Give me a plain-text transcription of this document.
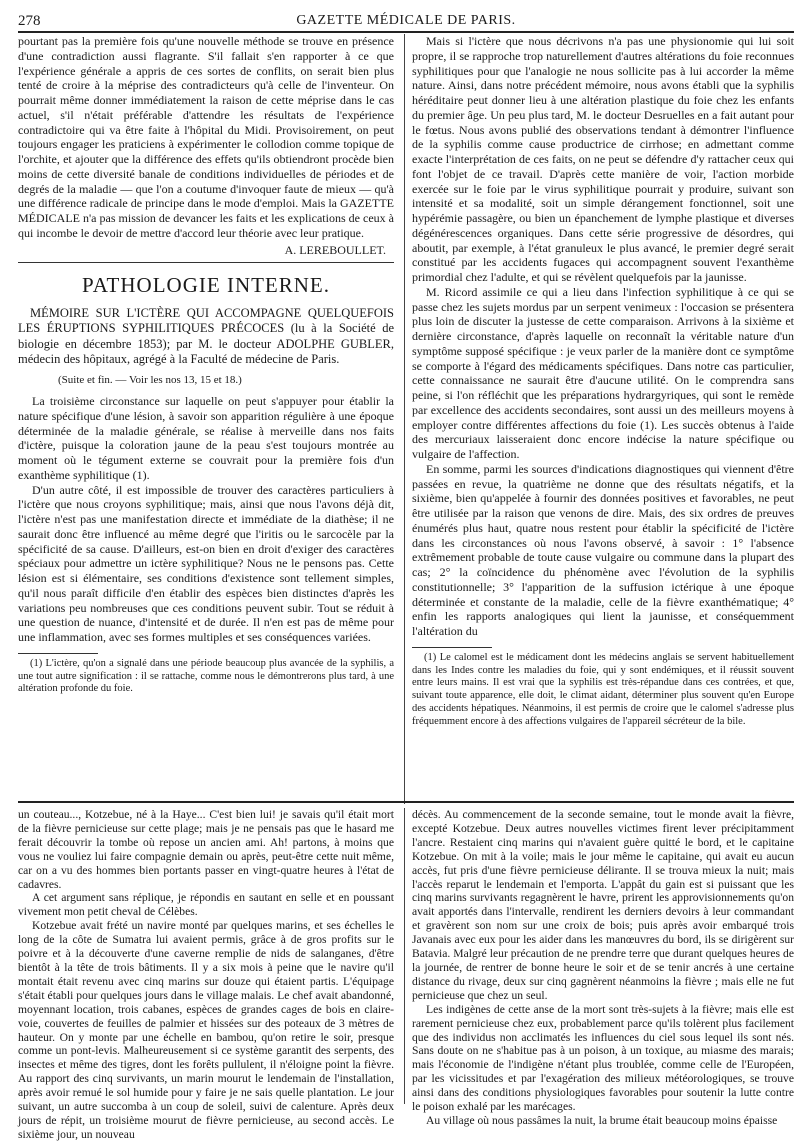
278	GAZETTE MÉDICALE DE PARIS.

pourtant pas la première fois qu'une nouvelle méthode se trouve en présence d'une contradiction aussi flagrante. S'il fallait s'en rapporter à ce que l'expérience générale a appris de ces sortes de conflits, on serait bien plus tenté de croire à la méprise des contradicteurs qu'à celle de l'inventeur. On pourrait même donner immédiatement la raison de cette méprise dans le cas actuel, s'il n'était préférable d'attendre les résultats de l'expérience contradictoire qui va être faite à l'hôpital du Midi. Provisoirement, on peut toujours engager les praticiens à expérimenter le collodion comme topique de l'orchite, et ajouter que la différence des effets qu'ils obtiendront procède bien moins de cette diversité banale de conditions individuelles de périodes et de degrés de la maladie — que l'on a coutume d'invoquer faute de mieux — qu'à une différence radicale de principe dans le mode d'emploi. Mais la GAZETTE MÉDICALE n'a pas mission de devancer les faits et les explications de ceux à qui incombe le devoir de mettre d'accord leur théorie avec leur pratique.

A. LEREBOULLET.
PATHOLOGIE INTERNE.
MÉMOIRE SUR L'ICTÈRE QUI ACCOMPAGNE QUELQUEFOIS LES ÉRUPTIONS SYPHILITIQUES PRÉCOCES (lu à la Société de biologie en décembre 1853); par M. le docteur ADOLPHE GUBLER, médecin des hôpitaux, agrégé à la Faculté de médecine de Paris.
(Suite et fin. — Voir les nos 13, 15 et 18.)

La troisième circonstance sur laquelle on peut s'appuyer pour établir la nature spécifique d'une lésion, à savoir son apparition régulière à une époque déterminée de la maladie générale, se réalise à merveille dans nos faits d'ictère, puisque la coloration jaune de la peau s'est toujours montrée au moment où le tégument externe se couvrait pour la première fois d'un exanthème syphilitique (1).

D'un autre côté, il est impossible de trouver des caractères particuliers à l'ictère que nous croyons syphilitique; mais, ainsi que nous l'avons déjà dit, l'ictère n'est pas une manifestation directe et immédiate de la diathèse; il ne saurait donc être influencé au même degré que l'iritis ou le sarcocèle par la spécificité de sa cause. D'ailleurs, est-on bien en droit d'exiger des caractères spéciaux pour admettre un ictère syphilitique? Nous ne le pensons pas. Cette lésion est si élémentaire, ses conditions d'existence sont tellement simples, qu'il nous paraît difficile d'en établir des espèces bien distinctes d'après les variations peu nombreuses que ces conditions peuvent subir. Tout se réduit à une question de nuance, d'intensité et de durée. Il n'en est pas de même pour une inflammation, avec ses formes multiples et ses conséquences variées.

(1) L'ictère, qu'on a signalé dans une période beaucoup plus avancée de la syphilis, a une tout autre signification : il se rattache, comme nous le démontrerons plus tard, à une altération profonde du foie.

Mais si l'ictère que nous décrivons n'a pas une physionomie qui lui soit propre, il se rapproche trop naturellement d'autres altérations du foie reconnues syphilitiques pour que l'analogie ne nous sollicite pas à lui accorder la même nature. Ainsi, dans notre précédent mémoire, nous avons établi que la syphilis héréditaire peut donner lieu à une altération plastique du foie chez les enfants du premier âge. Un peu plus tard, M. le docteur Desruelles en a fait autant pour le fœtus. Nous avons publié des observations tendant à démontrer l'influence de la syphilis comme cause productrice de cirrhose; en admettant comme exacte l'interprétation de ces faits, on ne peut se défendre d'y rattacher ceux qui font l'objet de ce travail. D'après cette manière de voir, l'action morbide exercée sur le foie par le virus syphilitique pourrait y produire, suivant son intensité et sa modalité, soit un simple dérangement fonctionnel, soit une hypérémie passagère, ou bien un épanchement de lymphe plastique et diverses dégénérescences organiques. Dans cette série progressive de désordres, qui aboutit, par exemple, à l'état granuleux le plus avancé, le premier degré serait constitué par les accidents fugaces qui accompagnent souvent l'exanthème primordial chez l'adulte, et qui se révèlent quelquefois par la jaunisse.

M. Ricord assimile ce qui a lieu dans l'infection syphilitique à ce qui se passe chez les sujets mordus par un serpent venimeux : l'occasion se présentera plus loin de discuter la justesse de cette comparaison. Arrivons à la sixième et dernière circonstance, d'après laquelle on reconnaît la véritable nature d'un symptôme supposé spécifique : je veux parler de la manière dont ce symptôme se comporte à l'égard des médicaments spécifiques. Dans notre cas particulier, cette connaissance ne saurait être d'aucune utilité. On le comprendra sans peine, si l'on réfléchit que les préparations hydrargyriques, qui sont le remède par excellence des accidents secondaires, sont aussi un des meilleurs moyens à employer contre différentes affections du foie (1). Les succès obtenus à l'aide des mercuriaux laisseraient donc encore indécise la nature spécifique ou vulgaire de l'affection.

En somme, parmi les sources d'indications diagnostiques qui viennent d'être passées en revue, la quatrième ne donne que des résultats négatifs, et la sixième, bien qu'appelée à fournir des données positives et favorables, ne peut être utilisée par la raison que venons de dire. Mais, des six ordres de preuves énumérés plus haut, quatre nous restent pour établir la spécificité de l'ictère dans les circonstances où nous l'avons observé, à savoir : 1° l'absence extrêmement probable de toute cause vulgaire ou commune dans la plupart des cas; 2° la coïncidence du phénomène avec l'évolution de la syphilis constitutionnelle; 3° l'apparition de la suffusion ictérique à une époque déterminée et constante de la maladie, celle de la fièvre exanthématique; 4° enfin les rapports analogiques qui lient la jaunisse, et conséquemment l'altération du

(1) Le calomel est le médicament dont les médecins anglais se servent habituellement dans les Indes contre les maladies du foie, qui y sont endémiques, et il réussit souvent entre leurs mains. Il est vrai que la syphilis est très-répandue dans ces contrées, et que, suivant toute apparence, elle doit, le climat aidant, déterminer plus souvent qu'en Europe des accidents hépatiques. Néanmoins, il est permis de croire que le calomel s'adresse plus fréquemment encore à des affections vulgaires de l'appareil sécréteur de la bile.

un couteau..., Kotzebue, né à la Haye... C'est bien lui! je savais qu'il était mort de la fièvre pernicieuse sur cette plage; mais je ne pensais pas que le hasard me ferait découvrir la tombe où repose un ancien ami. Ah! partons, à moins que vous ne vouliez lui faire compagnie demain ou après, peut-être cette nuit même, car on a vu des hommes bien portants passer en vingt-quatre heures à l'état de cadavres.

A cet argument sans réplique, je répondis en sautant en selle et en poussant vivement mon petit cheval de Célèbes.

Kotzebue avait frété un navire monté par quelques marins, et ses échelles le long de la côte de Sumatra lui avaient permis, grâce à de gros profits sur le poivre et à la découverte d'une caverne remplie de nids de salanganes, d'être bientôt à la tête de trois bâtiments. Il y a six mois à peine que le navire qu'il montait était revenu avec cinq marins sur douze qui étaient partis. L'équipage s'était établi pour quelques jours dans le village malais. Le chef avait abandonné, moyennant location, trois cabanes, espèces de grandes cages de bois en claire-voie, couvertes de feuilles de palmier et hissées sur des poteaux de 3 mètres de hauteur. On y monte par une échelle en bambou, qu'on retire le soir, presque comme un pont-levis. Malheureusement si ce système garantit des serpents, des insectes et même des tigres, dont les forêts pullulent, il n'éloigne point la fièvre. Au rapport des cinq survivants, un marin mourut le lendemain de l'installation, après avoir remué le sol humide pour y faire je ne sais quelle plantation. Le jour suivant, un autre succomba à un coup de soleil, suivi de calenture. Après deux jours de répit, un troisième mourut de fièvre pernicieuse, au second accès. Le sixième jour, un nouveau

décès. Au commencement de la seconde semaine, tout le monde avait la fièvre, excepté Kotzebue. Deux autres nouvelles victimes firent lever précipitamment l'ancre. Restaient cinq marins qui n'avaient guère quitté le bord, et le capitaine Kotzebue. On mit à la voile; mais le jour même le capitaine, qui avait eu aucun accès, fut pris d'une fièvre pernicieuse délirante. Il se trouva mieux la nuit; mais l'accès reparut le lendemain et l'emporta. L'appât du gain est si puissant que les cinq marins survivants regagnèrent le havre, prirent les approvisionnements qu'on avait apportés dans l'intervalle, rendirent les derniers devoirs à leur commandant et gravèrent son nom sur une croix de bois; puis après avoir embarqué trois Javanais avec eux pour les aider dans les manœuvres du bord, ils se dirigèrent sur Batavia. Malgré leur précaution de ne prendre terre que durant quelques heures de la journée, de rentrer de bonne heure le soir et de se tenir ancrés à une certaine distance du rivage, deux sur cinq gagnèrent néanmoins la fièvre ; mais elle ne fut pernicieuse que chez un seul.

Les indigènes de cette anse de la mort sont très-sujets à la fièvre; mais elle est rarement pernicieuse chez eux, probablement parce qu'ils tolèrent plus facilement que des individus non acclimatés les influences du ciel sous lequel ils sont nés. Sans doute on ne s'habitue pas à un poison, à un toxique, au miasme des marais; mais l'économie de l'indigène n'étant plus troublée, comme celle de l'Européen, par les vicissitudes et par l'exagération des milieux météorologiques, se trouve ainsi dans des conditions physiologiques favorables pour soutenir la lutte contre le poison exhalé par les marécages.

Au village où nous passâmes la nuit, la brume était beaucoup moins épaisse
